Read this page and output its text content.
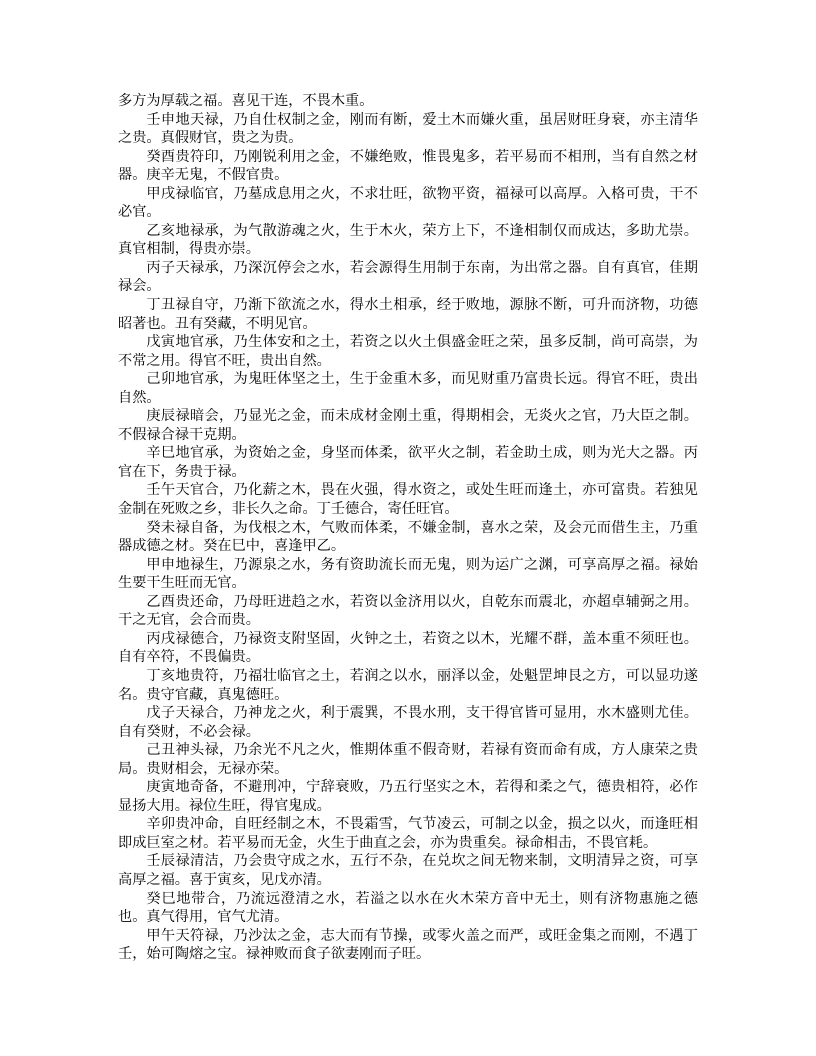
多方为厚载之福。喜见干连，不畏木重。

壬申地天禄，乃自仕权制之金，刚而有断，爱土木而嫌火重，虽居财旺身衰，亦主清华之贵。真假财官，贵之为贵。

癸酉贵符印，乃刚锐利用之金，不嫌绝败，惟畏鬼多，若平易而不相刑，当有自然之材器。庚辛无鬼，不假官贵。

甲戌禄临官，乃墓成息用之火，不求壮旺，欲物平资，福禄可以高厚。入格可贵，干不必官。

乙亥地禄承，为气散游魂之火，生于木火，荣方上下，不逢相制仅而成达，多助尤崇。真官相制，得贵亦崇。

丙子天禄承，乃深沉停会之水，若会源得生用制于东南，为出常之器。自有真官，佳期禄会。

丁丑禄自守，乃渐下欲流之水，得水土相承，经于败地，源脉不断，可升而济物，功德昭著也。丑有癸藏，不明见官。

戊寅地官承，乃生体安和之土，若资之以火土俱盛金旺之荣，虽多反制，尚可高崇，为不常之用。得官不旺，贵出自然。

己卯地官承，为鬼旺体坚之土，生于金重木多，而见财重乃富贵长远。得官不旺，贵出自然。

庚辰禄暗会，乃显光之金，而未成材金刚土重，得期相会，无炎火之官，乃大臣之制。不假禄合禄干克期。

辛巳地官承，为资始之金，身坚而体柔，欲平火之制，若金助土成，则为光大之器。丙官在下，务贵于禄。

壬午天官合，乃化薪之木，畏在火强，得水资之，或处生旺而逢土，亦可富贵。若独见金制在死败之乡，非长久之命。丁壬德合，寄任旺官。

癸未禄自备，为伐根之木，气败而体柔，不嫌金制，喜水之荣，及会元而借生主，乃重器成德之材。癸在巳中，喜逢甲乙。

甲申地禄生，乃源泉之水，务有资助流长而无鬼，则为运广之渊，可享高厚之福。禄始生要干生旺而无官。

乙酉贵还命，乃母旺进趋之水，若资以金济用以火，自乾东而震北，亦超卓辅弼之用。干之无官，会合而贵。

丙戌禄德合，乃禄资支附坚固，火钟之土，若资之以木，光耀不群，盖本重不须旺也。自有卒符，不畏偏贵。

丁亥地贵符，乃福壮临官之土，若润之以水，丽泽以金，处魁罡坤艮之方，可以显功遂名。贵守官藏，真鬼德旺。

戊子天禄合，乃神龙之火，利于震巽，不畏水刑，支干得官皆可显用，水木盛则尤佳。自有癸财，不必会禄。

己丑神头禄，乃余光不凡之火，惟期体重不假奇财，若禄有资而命有成，方人康荣之贵局。贵财相会，无禄亦荣。

庚寅地奇备，不避刑冲，宁辞衰败，乃五行坚实之木，若得和柔之气，德贵相符，必作显扬大用。禄位生旺，得官鬼成。

辛卯贵冲命，自旺经制之木，不畏霜雪，气节凌云，可制之以金，损之以火，而逢旺相即成巨室之材。若平易而无金，火生于曲直之会，亦为贵重矣。禄命相击，不畏官耗。

壬辰禄清洁，乃会贵守成之水，五行不杂，在兑坎之间无物来制，文明清异之资，可享高厚之福。喜于寅亥，见戊亦清。

癸巳地带合，乃流远澄清之水，若溢之以水在火木荣方音中无土，则有济物惠施之德也。真气得用，官气尤清。

甲午天符禄，乃沙汰之金，志大而有节操，或零火盖之而严，或旺金集之而刚，不遇丁壬，始可陶熔之宝。禄神败而食子欲妻刚而子旺。
